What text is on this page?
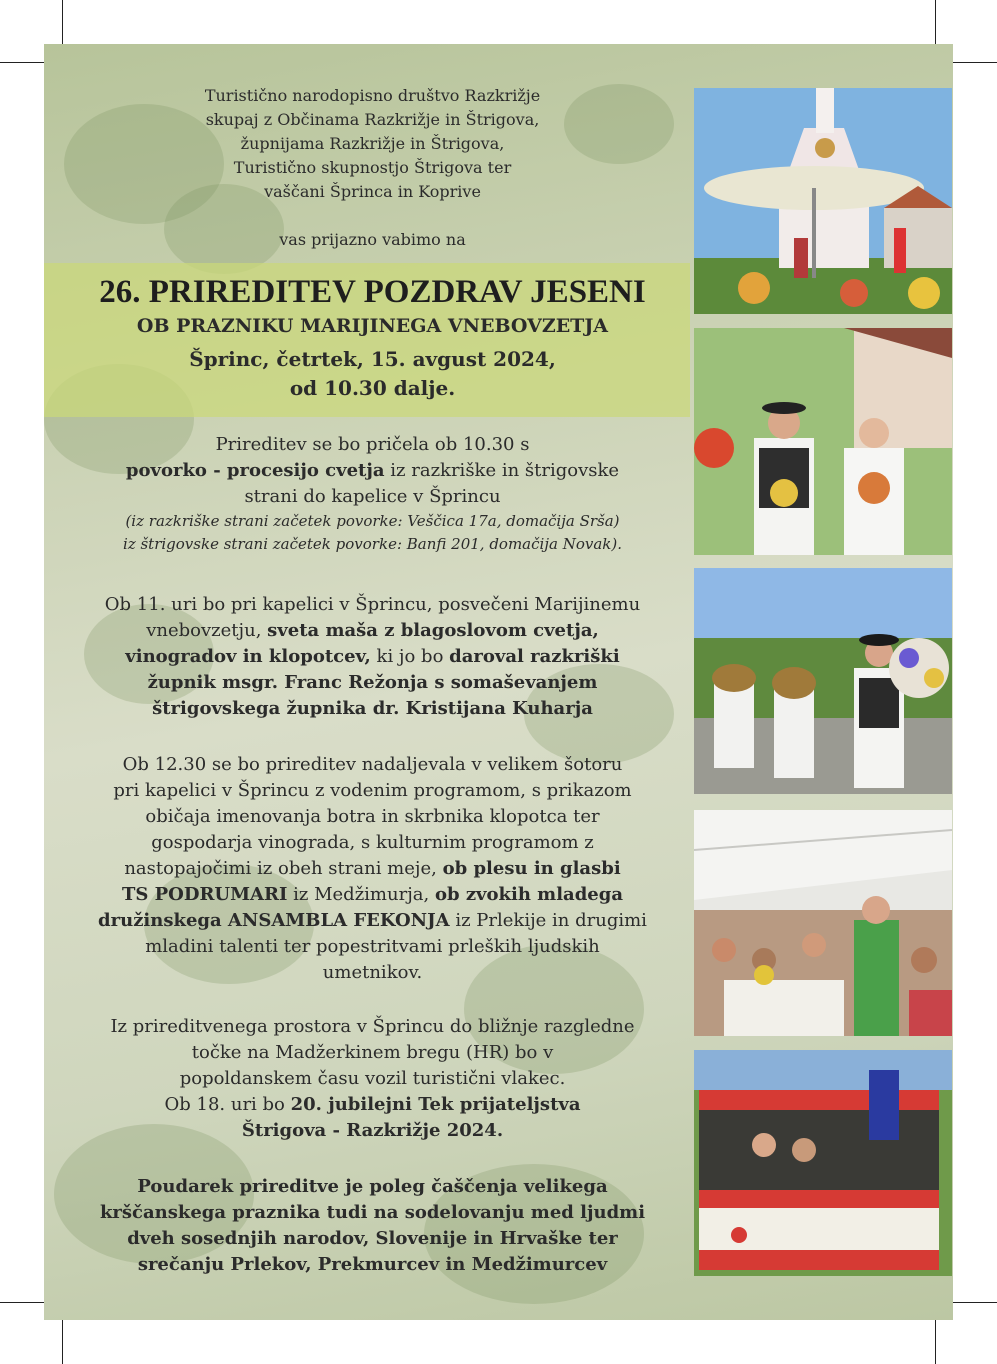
Turistično narodopisno društvo Razkrižje
skupaj z Občinama Razkrižje in Štrigova,
župnijama Razkrižje in Štrigova,
Turistično skupnostjo Štrigova ter
vaščani Šprinca in Koprive
vas prijazno vabimo na
26. PRIREDITEV POZDRAV JESENI
OB PRAZNIKU MARIJINEGA VNEBOVZETJA
Šprinc, četrtek, 15. avgust 2024,
od 10.30 dalje.
Prireditev se bo pričela ob 10.30 s
povorko - procesijo cvetja iz razkriške in štrigovske
strani do kapelice v Šprincu
(iz razkriške strani začetek povorke: Veščica 17a, domačija Srša)
iz štrigovske strani začetek povorke: Banfi 201, domačija Novak).
Ob 11. uri bo pri kapelici v Šprincu, posvečeni Marijinemu
vnebovzetju, sveta maša z blagoslovom cvetja,
vinogradov in klopotcev, ki jo bo daroval razkriški
župnik msgr. Franc Režonja s somaševanjem
štrigovskega župnika dr. Kristijana Kuharja
Ob 12.30 se bo prireditev nadaljevala v velikem šotoru
pri kapelici v Šprincu z vodenim programom, s prikazom
običaja imenovanja botra in skrbnika klopotca ter
gospodarja vinograda, s kulturnim programom z
nastopajočimi iz obeh strani meje, ob plesu in glasbi
TS PODRUMARI iz Medžimurja, ob zvokih mladega
družinskega ANSAMBLA FEKONJA iz Prlekije in drugimi
mladini talenti ter popestritvami prleških ljudskih
umetnikov.
Iz prireditvenega prostora v Šprincu do bližnje razgledne
točke na Madžerkinem bregu (HR) bo v
popoldanskem času vozil turistični vlakec.
Ob 18. uri bo 20. jubilejni Tek prijateljstva
Štrigova - Razkrižje 2024.
Poudarek prireditve je poleg čaščenja velikega
krščanskega praznika tudi na sodelovanju med ljudmi
dveh sosednjih narodov, Slovenije in Hrvaške ter
srečanju Prlekov, Prekmurcev in Medžimurcev
